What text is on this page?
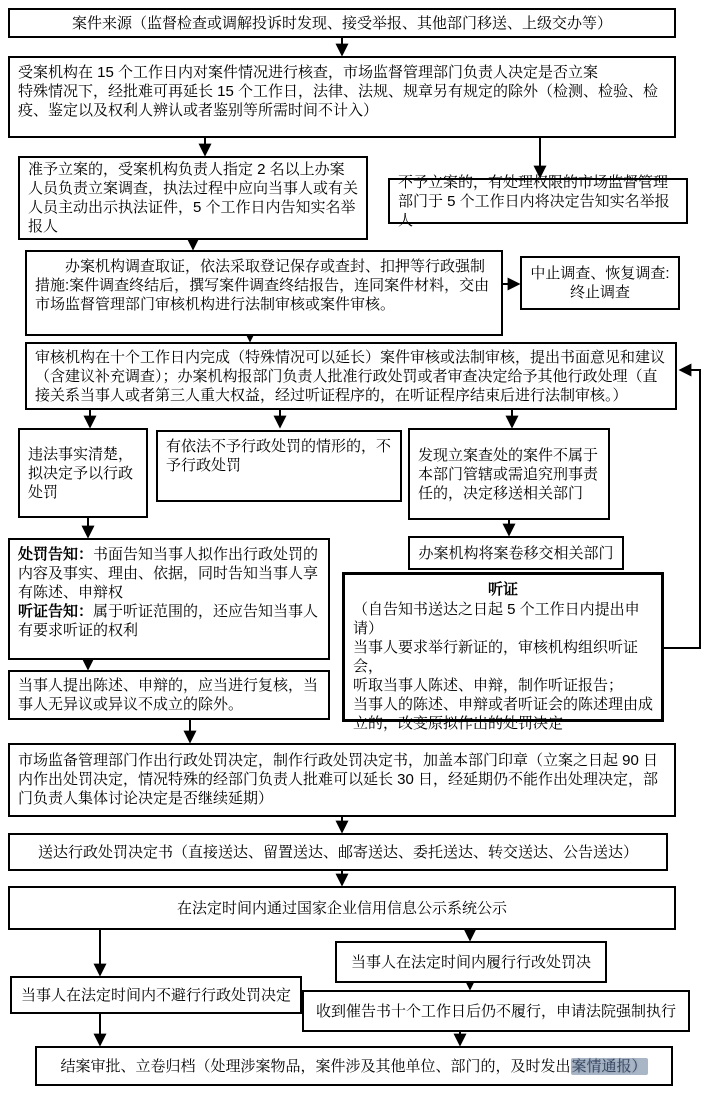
案件来源（监督检查或调解投诉时发现、接受举报、其他部门移送、上级交办等）
受案机构在 15 个工作日内对案件情况进行核查，市场监督管理部门负责人决定是否立案
特殊情况下，经批难可再延长 15 个工作日，法律、法规、规章另有规定的除外（检测、检验、检疫、鉴定以及权利人辨认或者鉴别等所需时间不计入）
准予立案的，受案机构负责人指定 2 名以上办案人员负责立案调查，执法过程中应向当事人或有关人员主动出示执法证件，5 个工作日内告知实名举报人
不予立案的，有处理权限的市场监督管理部门于 5 个工作日内将决定告知实名举报人
办案机构调查取证，依法采取登记保存或查封、扣押等行政强制措施:案件调查终结后，撰写案件调查终结报告，连同案件材料，交由市场监督管理部门审核机构进行法制审核或案件审核。
中止调查、恢复调查:
终止调查
审核机构在十个工作日内完成（特殊情况可以延长）案件审核或法制审核，提出书面意见和建议（含建议补充调查）；办案机构报部门负责人批准行政处罚或者审查决定给予其他行政处理（直接关系当事人或者第三人重大权益，经过听证程序的，在听证程序结束后进行法制审核。）
违法事实清楚，拟决定予以行政处罚
有依法不予行政处罚的情形的，不予行政处罚
发现立案查处的案件不属于本部门管辖或需追究刑事责任的，决定移送相关部门
办案机构将案卷移交相关部门
处罚告知：书面告知当事人拟作出行政处罚的内容及事实、理由、依据，同时告知当事人享有陈述、申辩权
听证告知：属于听证范围的，还应告知当事人有要求听证的权利
当事人提出陈述、申辩的，应当进行复核，当事人无异议或异议不成立的除外。
听证
（自告知书送达之日起 5 个工作日内提出申请）
当事人要求举行新证的，审核机构组织听证会，
听取当事人陈述、申辩，制作听证报告；
当事人的陈述、申辩或者听证会的陈述理由成立的，改变原拟作出的处罚决定
市场监备管理部门作出行政处罚决定，制作行政处罚决定书，加盖本部门印章（立案之日起 90 日内作出处罚决定，情况特殊的经部门负责人批难可以延长 30 日，经延期仍不能作出处理决定，部门负责人集体讨论决定是否继续延期）
送达行政处罚决定书（直接送达、留置送达、邮寄送达、委托送达、转交送达、公告送达）
在法定时间内通过国家企业信用信息公示系统公示
当事人在法定时间内履行行改处罚决
当事人在法定时间内不避行行政处罚决定
收到催告书十个工作日后仍不履行，申请法院强制执行
结案审批、立卷归档（处理涉案物品，案件涉及其他单位、部门的，及时发出案情通报）
